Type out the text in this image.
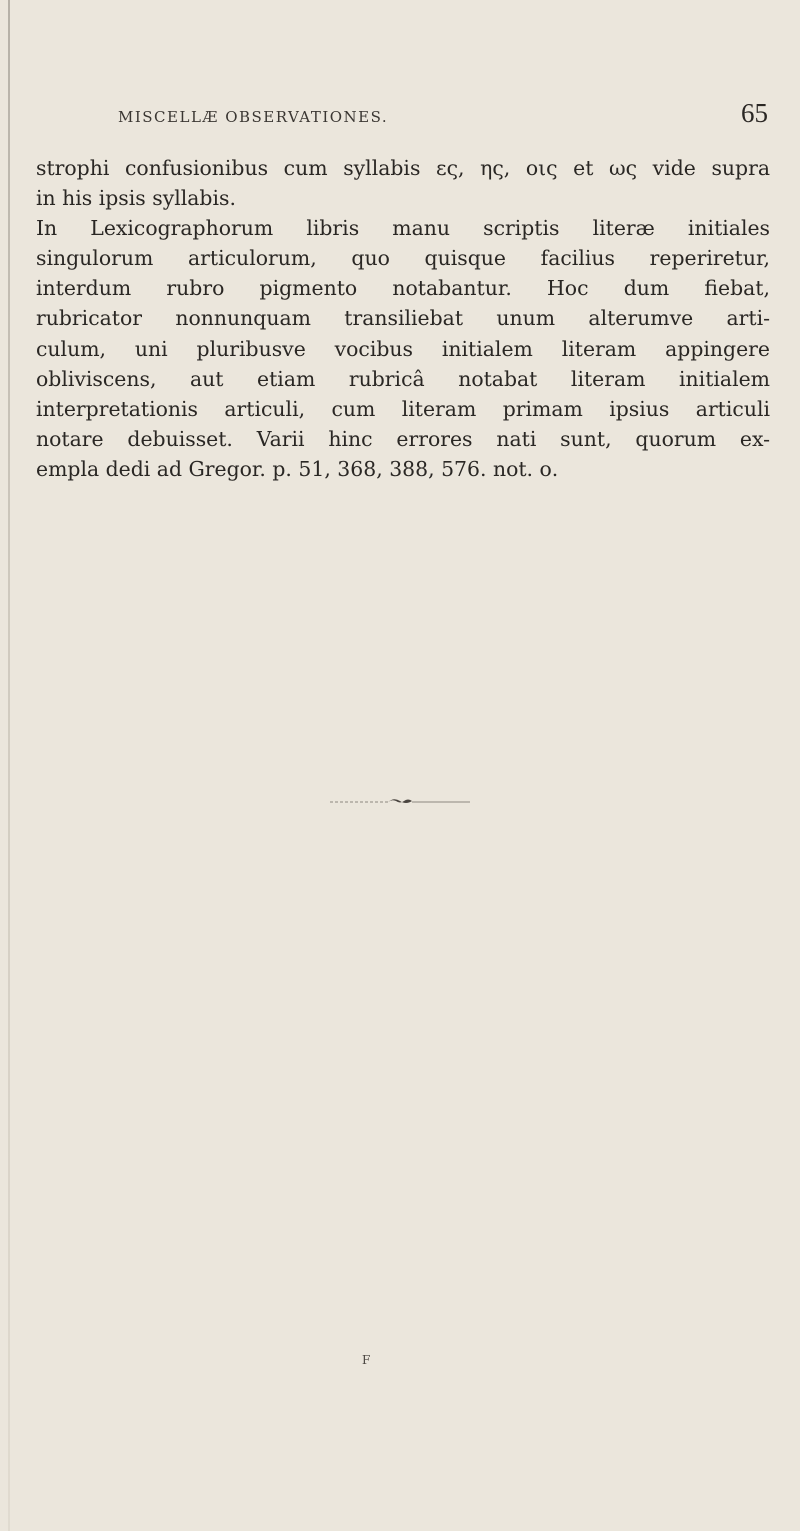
MISCELLÆ OBSERVATIONES.	65
strophi confusionibus cum syllabis ες, ης, οις et ως vide supra
in his ipsis syllabis.
In Lexicographorum libris manu scriptis literæ initiales
singulorum articulorum, quo quisque facilius reperiretur,
interdum rubro pigmento notabantur. Hoc dum fiebat,
rubricator nonnunquam transiliebat unum alterumve arti-
culum, uni pluribusve vocibus initialem literam appingere
obliviscens, aut etiam rubricâ notabat literam initialem
interpretationis articuli, cum literam primam ipsius articuli
notare debuisset. Varii hinc errores nati sunt, quorum ex-
empla dedi ad Gregor. p. 51, 368, 388, 576. not. ο.
F
